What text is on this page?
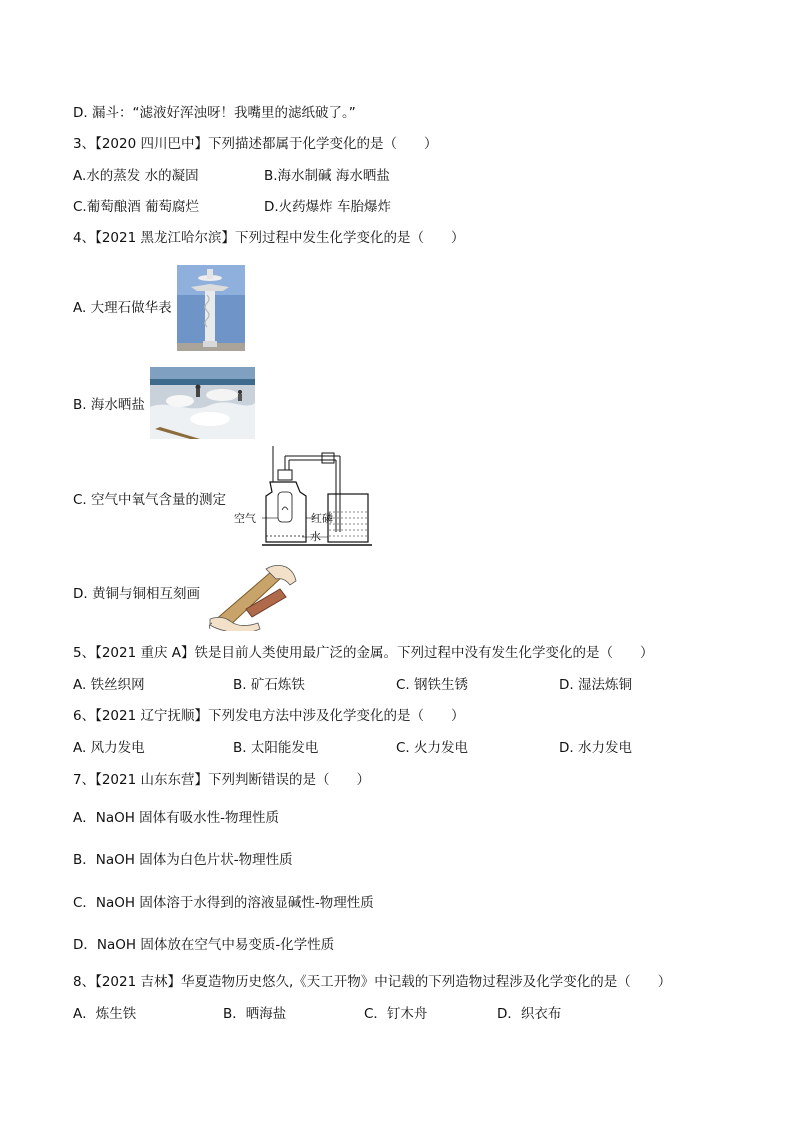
D. 漏斗：“滤液好浑浊呀！我嘴里的滤纸破了。”
3、【2020 四川巴中】下列描述都属于化学变化的是（　　）
A.水的蒸发 水的凝固	B.海水制碱 海水晒盐
C.葡萄酿酒 葡萄腐烂	D.火药爆炸 车胎爆炸
4、【2021 黑龙江哈尔滨】下列过程中发生化学变化的是（　　）
A. 大理石做华表
B. 海水晒盐
C. 空气中氧气含量的测定
空气	红磷
水
D. 黄铜与铜相互刻画
5、【2021 重庆 A】铁是目前人类使用最广泛的金属。下列过程中没有发生化学变化的是（　　）
A. 铁丝织网	B. 矿石炼铁	C. 钢铁生锈	D. 湿法炼铜
6、【2021 辽宁抚顺】下列发电方法中涉及化学变化的是（　　）
A. 风力发电	B. 太阳能发电	C. 火力发电	D. 水力发电
7、【2021 山东东营】下列判断错误的是（　　）
A．NaOH 固体有吸水性-物理性质
B．NaOH 固体为白色片状-物理性质
C．NaOH 固体溶于水得到的溶液显碱性-物理性质
D．NaOH 固体放在空气中易变质-化学性质
8、【2021 吉林】华夏造物历史悠久,《天工开物》中记载的下列造物过程涉及化学变化的是（　　）
A．炼生铁	B．晒海盐	C．钉木舟	D．织衣布
